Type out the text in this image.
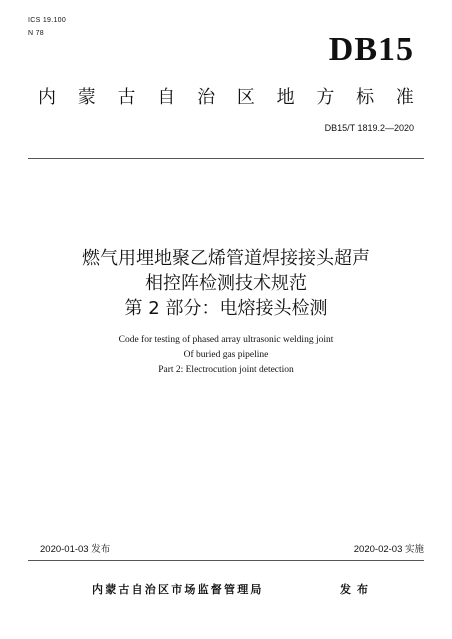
ICS 19.100
N 78	DB15
内 蒙 古 自 治 区 地 方 标 准
DB15/T 1819.2—2020
燃气用埋地聚乙烯管道焊接接头超声
相控阵检测技术规范
第 2 部分：电熔接头检测
Code for testing of phased array ultrasonic welding joint
Of buried gas pipeline
Part 2: Electrocution joint detection
2020-01-03 发布	2020-02-03 实施
内蒙古自治区市场监督管理局	发布
